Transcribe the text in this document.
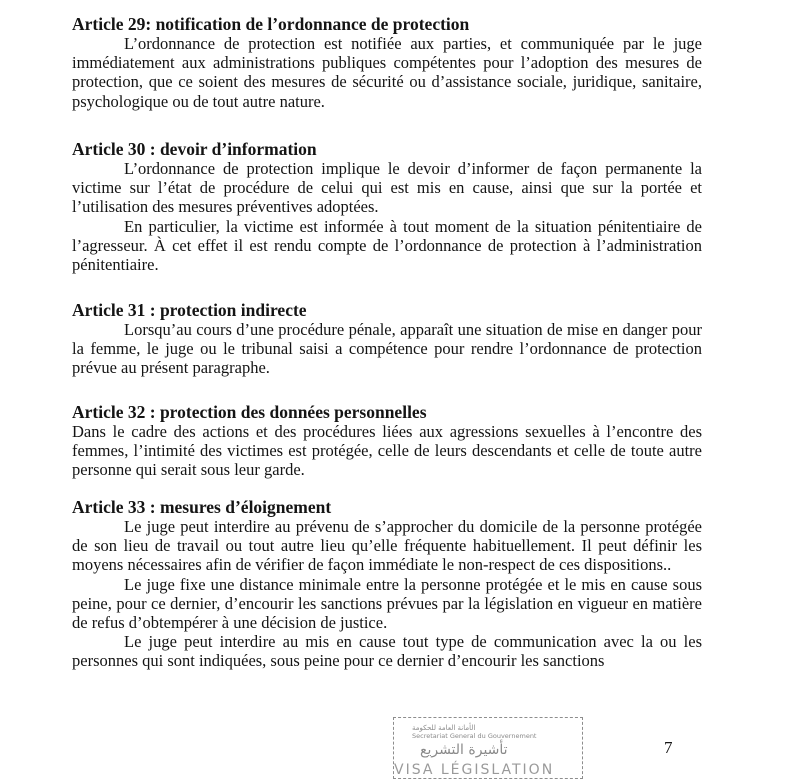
Article 29: notification de l’ordonnance de protection

L’ordonnance de protection est notifiée aux parties, et communiquée par le juge immédiatement aux administrations publiques compétentes pour l’adoption des mesures de protection, que ce soient des mesures de sécurité ou d’assistance sociale, juridique, sanitaire, psychologique ou de tout autre nature.

Article 30 : devoir d’information

L’ordonnance de protection implique le devoir d’informer de façon permanente la victime sur l’état de procédure de celui qui est mis en cause, ainsi que sur la portée et l’utilisation des mesures préventives adoptées.

En particulier, la victime est informée à tout moment de la situation pénitentiaire de l’agresseur. À cet effet il est rendu compte de l’ordonnance de protection à l’administration pénitentiaire.

Article 31 : protection indirecte

Lorsqu’au cours d’une procédure pénale, apparaît une situation de mise en danger pour la femme, le juge ou le tribunal saisi a compétence pour rendre l’ordonnance de protection prévue au présent paragraphe.

Article 32 : protection des données personnelles

Dans le cadre des actions et des procédures liées aux agressions sexuelles à l’encontre des femmes, l’intimité des victimes est protégée, celle de leurs descendants et celle de toute autre personne qui serait sous leur garde.

Article 33 : mesures d’éloignement

Le juge peut interdire au prévenu de s’approcher du domicile de la personne protégée de son lieu de travail ou tout autre lieu qu’elle fréquente habituellement. Il peut définir les moyens nécessaires afin de vérifier de façon immédiate le non-respect de ces dispositions..

Le juge fixe une distance minimale entre la personne protégée et le mis en cause sous peine, pour ce dernier, d’encourir les sanctions prévues par la législation en vigueur en matière de refus d’obtempérer à une décision de justice.

Le juge peut interdire au mis en cause tout type de communication avec la ou les personnes qui sont indiquées, sous peine pour ce dernier d’encourir les sanctions

الأمانة العامة للحكومة
Secretariat General du Gouvernement
تأشيرة التشريع
VISA LÉGISLATION
7
